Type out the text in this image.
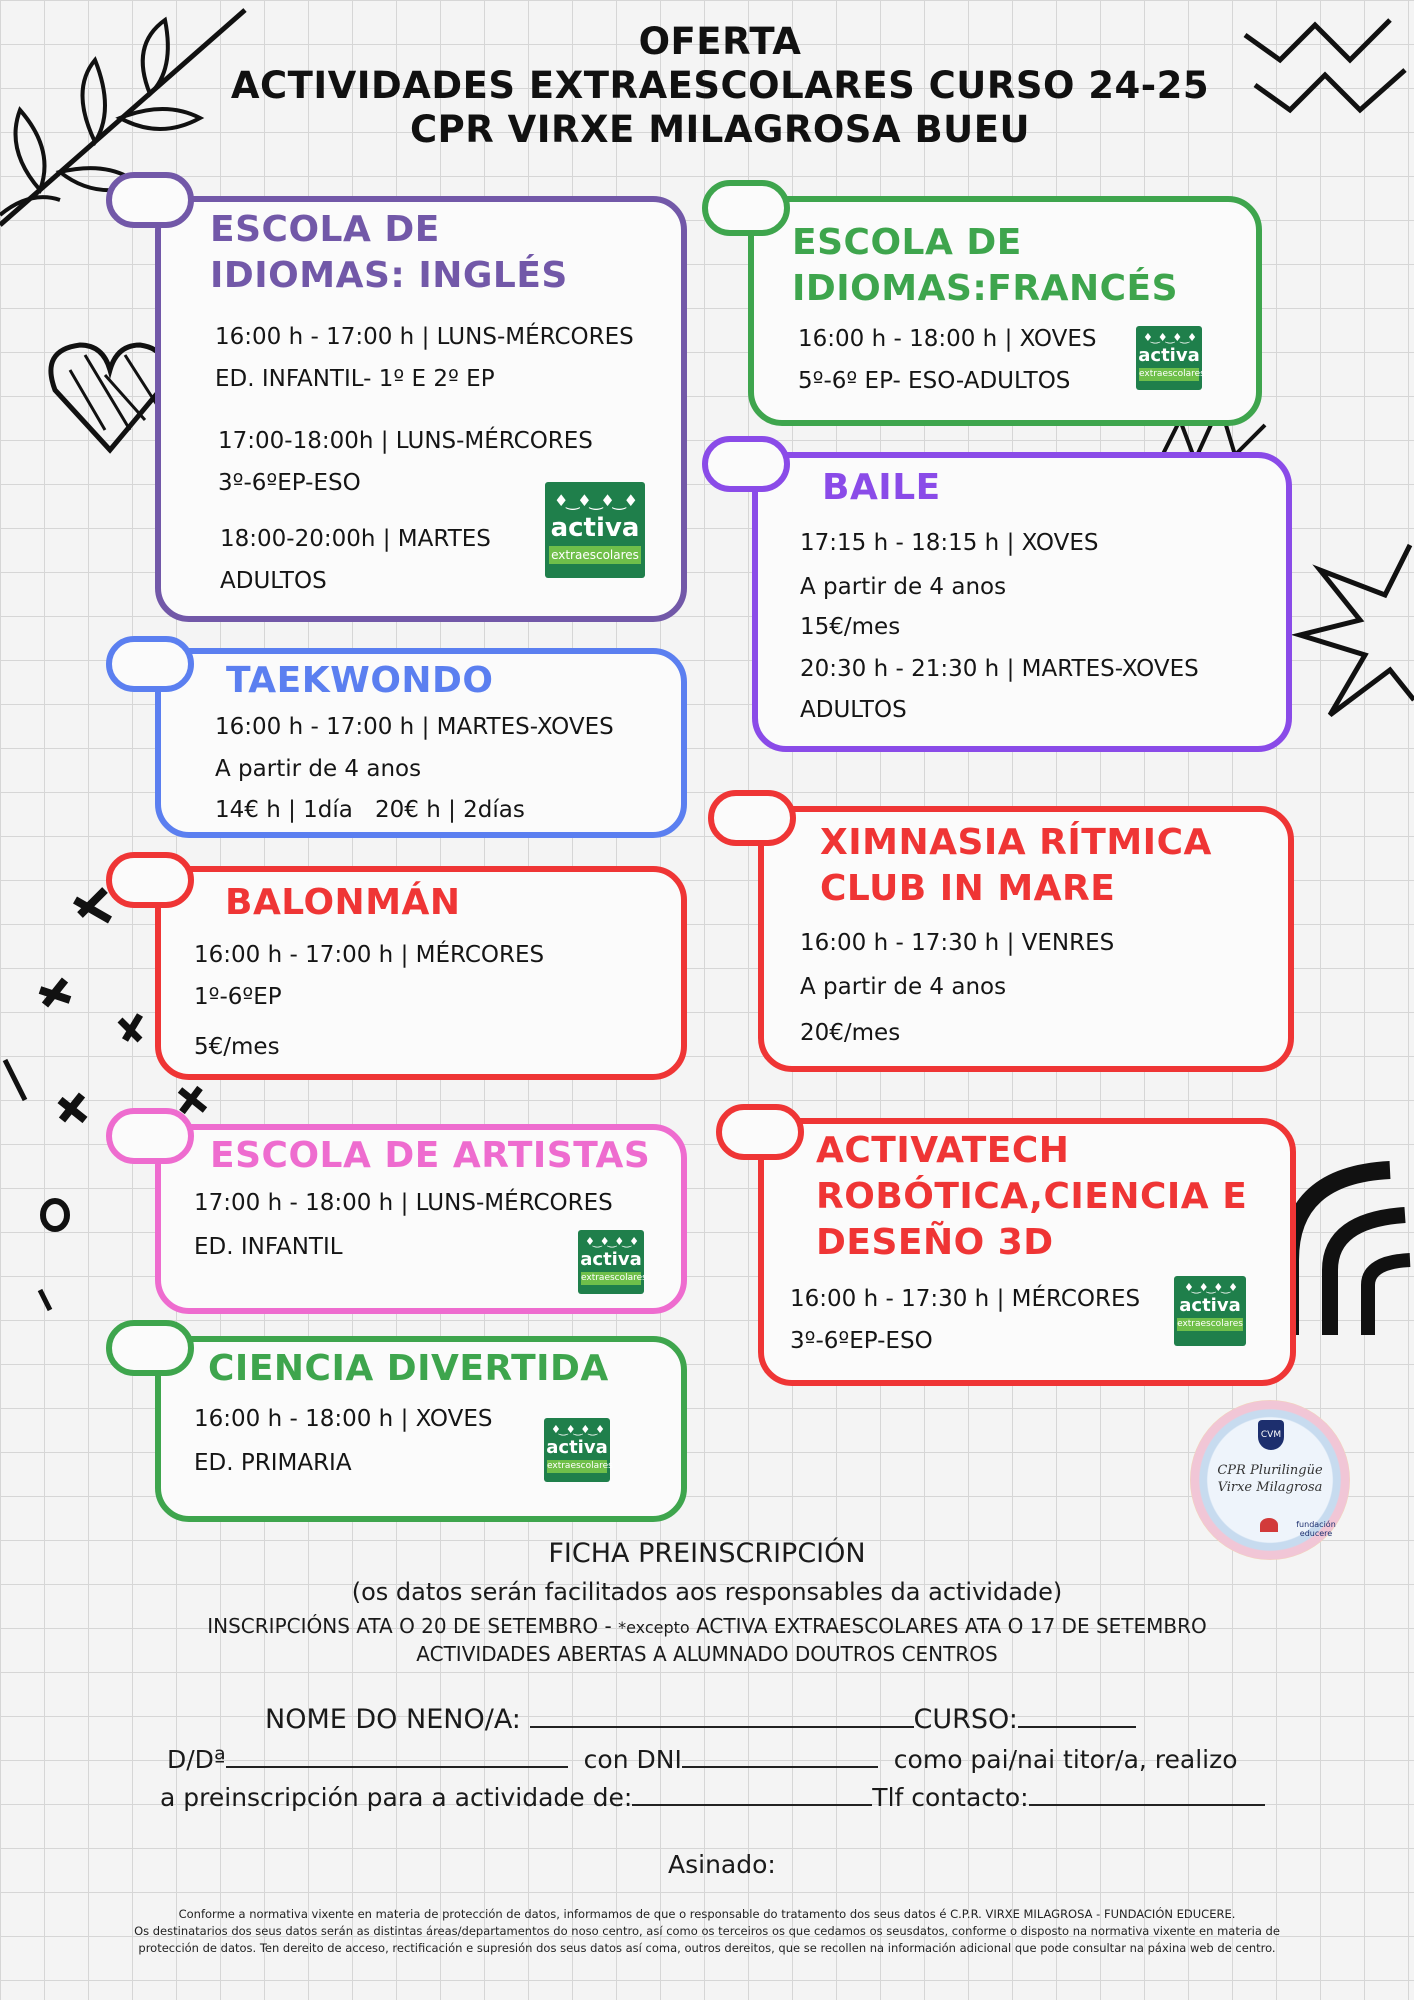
OFERTA
ACTIVIDADES EXTRAESCOLARES CURSO 24-25
CPR VIRXE MILAGROSA BUEU
ESCOLA DE
IDIOMAS: INGLÉS
16:00 h - 17:00 h | LUNS-MÉRCORES
ED. INFANTIL- 1º E 2º EP
17:00-18:00h | LUNS-MÉRCORES
3º-6ºEP-ESO
18:00-20:00h | MARTES
ADULTOS
♦‿♦‿♦‿♦
activa
extraescolares
ESCOLA DE
IDIOMAS:FRANCÉS
16:00 h - 18:00 h | XOVES
5º-6º EP- ESO-ADULTOS
♦‿♦‿♦‿♦
activa
extraescolares
BAILE
17:15 h - 18:15 h | XOVES
A partir de 4 anos
15€/mes
20:30 h - 21:30 h | MARTES-XOVES
ADULTOS
TAEKWONDO
16:00 h - 17:00 h | MARTES-XOVES
A partir de 4 anos
14€ h | 1día 20€ h | 2días
XIMNASIA RÍTMICA
CLUB IN MARE
16:00 h - 17:30 h | VENRES
A partir de 4 anos
20€/mes
BALONMÁN
16:00 h - 17:00 h | MÉRCORES
1º-6ºEP
5€/mes
ESCOLA DE ARTISTAS
17:00 h - 18:00 h | LUNS-MÉRCORES
ED. INFANTIL	♦‿♦‿♦‿♦
activa
extraescolares
ACTIVATECH
ROBÓTICA,CIENCIA E
DESEÑO 3D
16:00 h - 17:30 h | MÉRCORES
3º-6ºEP-ESO
♦‿♦‿♦‿♦
activa
extraescolares
CIENCIA DIVERTIDA
16:00 h - 18:00 h | XOVES
ED. PRIMARIA
♦‿♦‿♦‿♦
activa
extraescolares
CVM
CPR Plurilingüe Virxe Milagrosa
fundación educere
FICHA PREINSCRIPCIÓN
(os datos serán facilitados aos responsables da actividade)
INSCRIPCIÓNS ATA O 20 DE SETEMBRO - *excepto ACTIVA EXTRAESCOLARES ATA O 17 DE SETEMBRO
ACTIVIDADES ABERTAS A ALUMNADO DOUTROS CENTROS
NOME DO NENO/A:	CURSO:
D/Dª	con DNI	como pai/nai titor/a, realizo
a preinscripción para a actividade de:	Tlf contacto:
Asinado:
Conforme a normativa vixente en materia de protección de datos, informamos de que o responsable do tratamento dos seus datos é C.P.R. VIRXE MILAGROSA - FUNDACIÓN EDUCERE.
Os destinatarios dos seus datos serán as distintas áreas/departamentos do noso centro, así como os terceiros os que cedamos os seusdatos, conforme o disposto na normativa vixente en materia de
protección de datos. Ten dereito de acceso, rectificación e supresión dos seus datos así coma, outros dereitos, que se recollen na información adicional que pode consultar na páxina web de centro.
